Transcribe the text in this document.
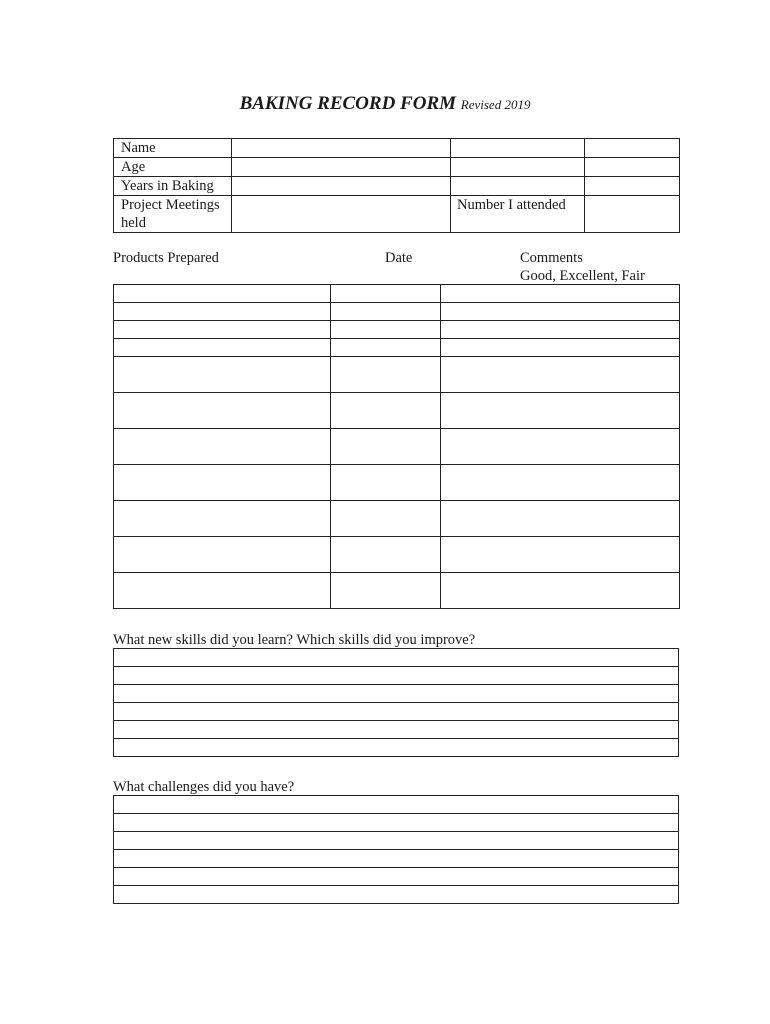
BAKING RECORD FORM Revised 2019
Name			
Age			
Years in Baking			
Project Meetings held		Number I attended	
Products Prepared	Date	Comments
Good, Excellent, Fair

What new skills did you learn? Which skills did you improve?

What challenges did you have?
